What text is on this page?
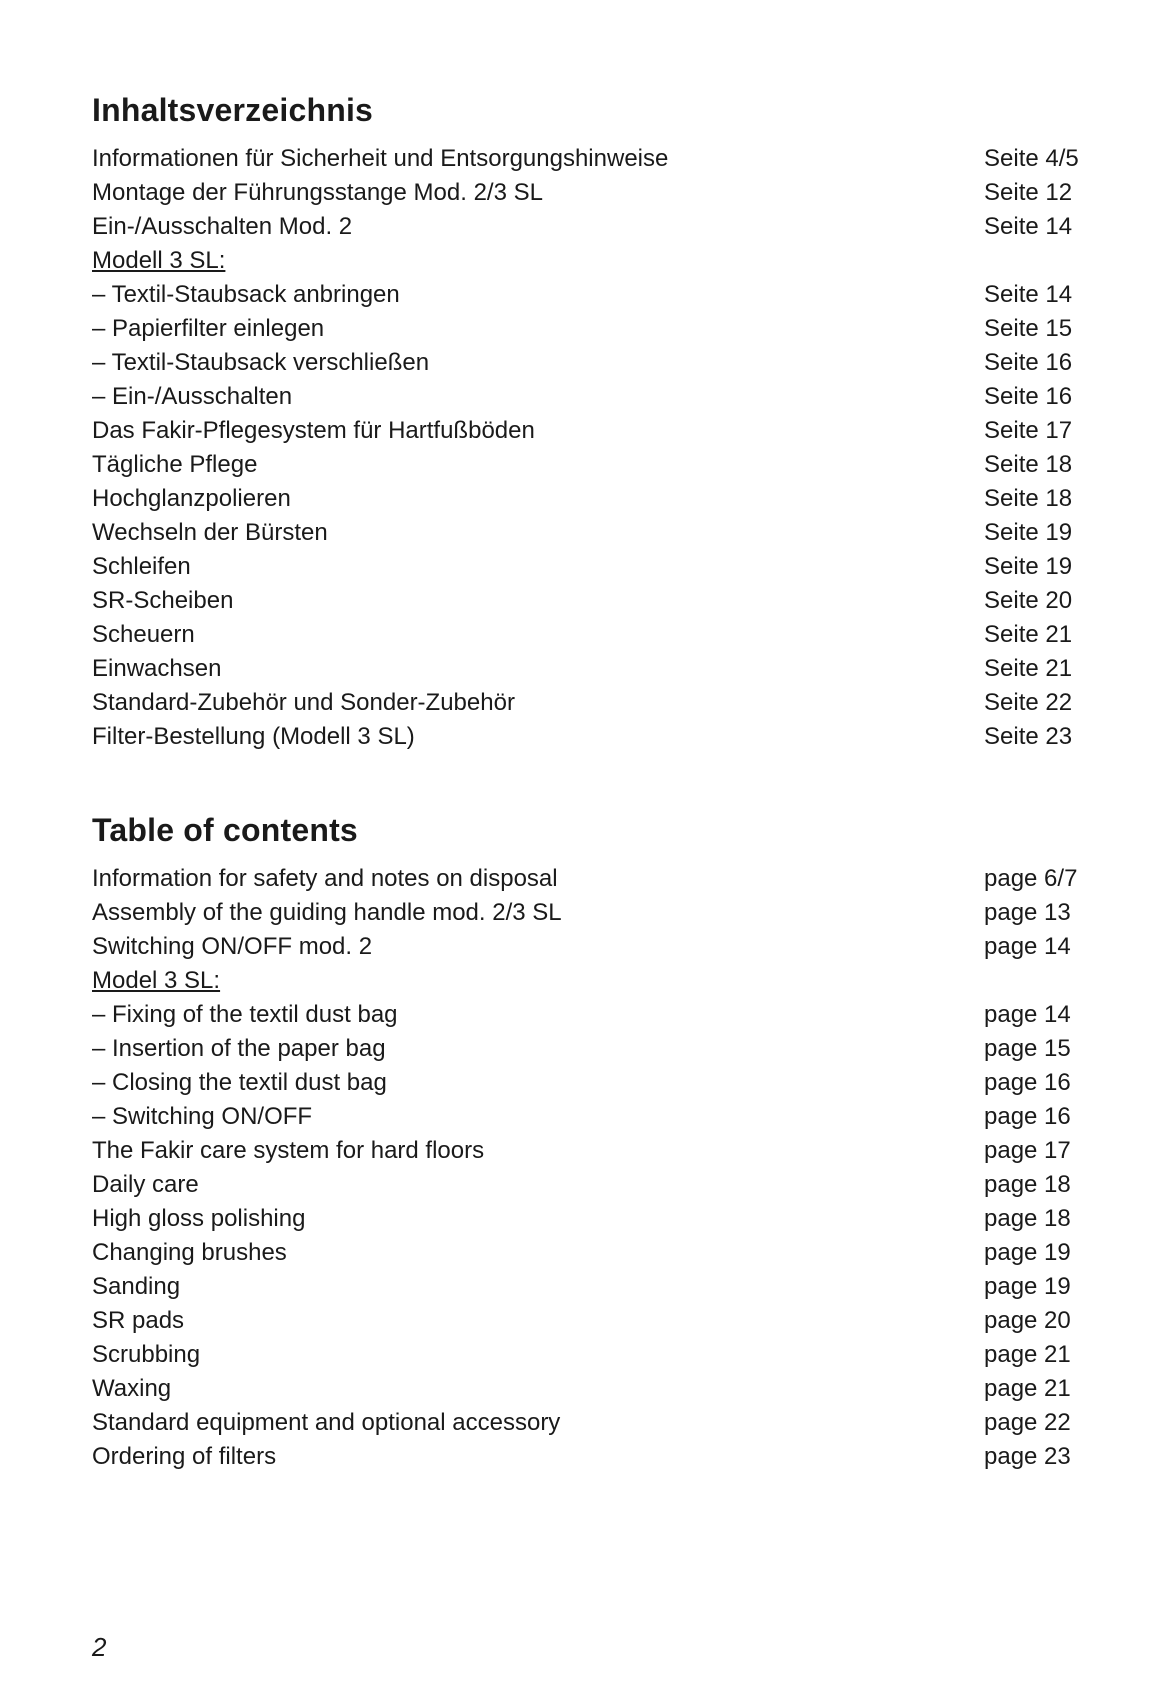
Inhaltsverzeichnis
Informationen für Sicherheit und Entsorgungshinweise	Seite 4/5
Montage der Führungsstange Mod. 2/3 SL	Seite 12
Ein-/Ausschalten Mod. 2	Seite 14
Modell 3 SL:
– Textil-Staubsack anbringen	Seite 14
– Papierfilter einlegen	Seite 15
– Textil-Staubsack verschließen	Seite 16
– Ein-/Ausschalten	Seite 16
Das Fakir-Pflegesystem für Hartfußböden	Seite 17
Tägliche Pflege	Seite 18
Hochglanzpolieren	Seite 18
Wechseln der Bürsten	Seite 19
Schleifen	Seite 19
SR-Scheiben	Seite 20
Scheuern	Seite 21
Einwachsen	Seite 21
Standard-Zubehör und Sonder-Zubehör	Seite 22
Filter-Bestellung (Modell 3 SL)	Seite 23
Table of contents
Information for safety and notes on disposal	page 6/7
Assembly of the guiding handle mod. 2/3 SL	page 13
Switching ON/OFF mod. 2	page 14
Model 3 SL:
– Fixing of the textil dust bag	page 14
– Insertion of the paper bag	page 15
– Closing the textil dust bag	page 16
– Switching ON/OFF	page 16
The Fakir care system for hard floors	page 17
Daily care	page 18
High gloss polishing	page 18
Changing brushes	page 19
Sanding	page 19
SR pads	page 20
Scrubbing	page 21
Waxing	page 21
Standard equipment and optional accessory	page 22
Ordering of filters	page 23
2
